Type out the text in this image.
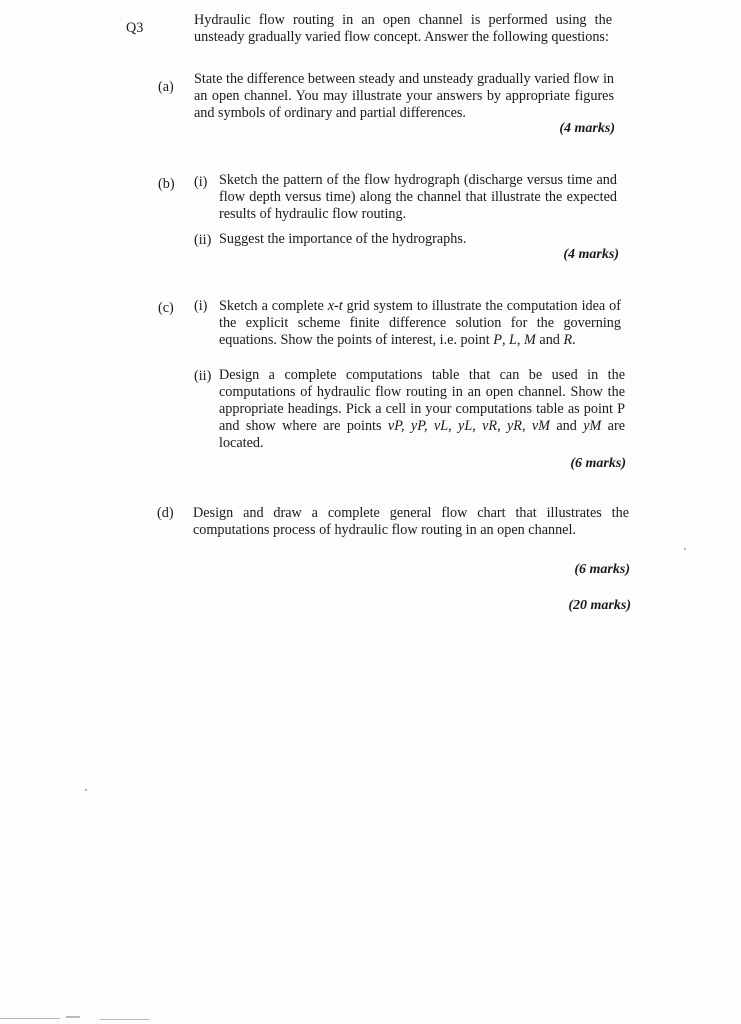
Q3	Hydraulic flow routing in an open channel is performed using the unsteady gradually varied flow concept. Answer the following questions:
(a) State the difference between steady and unsteady gradually varied flow in an open channel. You may illustrate your answers by appropriate figures and symbols of ordinary and partial differences.
(4 marks)
(b) (i) Sketch the pattern of the flow hydrograph (discharge versus time and flow depth versus time) along the channel that illustrate the expected results of hydraulic flow routing.
(ii) Suggest the importance of the hydrographs.
(4 marks)
(c) (i) Sketch a complete x-t grid system to illustrate the computation idea of the explicit scheme finite difference solution for the governing equations. Show the points of interest, i.e. point P, L, M and R.
(ii) Design a complete computations table that can be used in the computations of hydraulic flow routing in an open channel. Show the appropriate headings. Pick a cell in your computations table as point P and show where are points vP, yP, vL, yL, vR, yR, vM and yM are located.
(6 marks)
(d) Design and draw a complete general flow chart that illustrates the computations process of hydraulic flow routing in an open channel.
(6 marks)
(20 marks)
